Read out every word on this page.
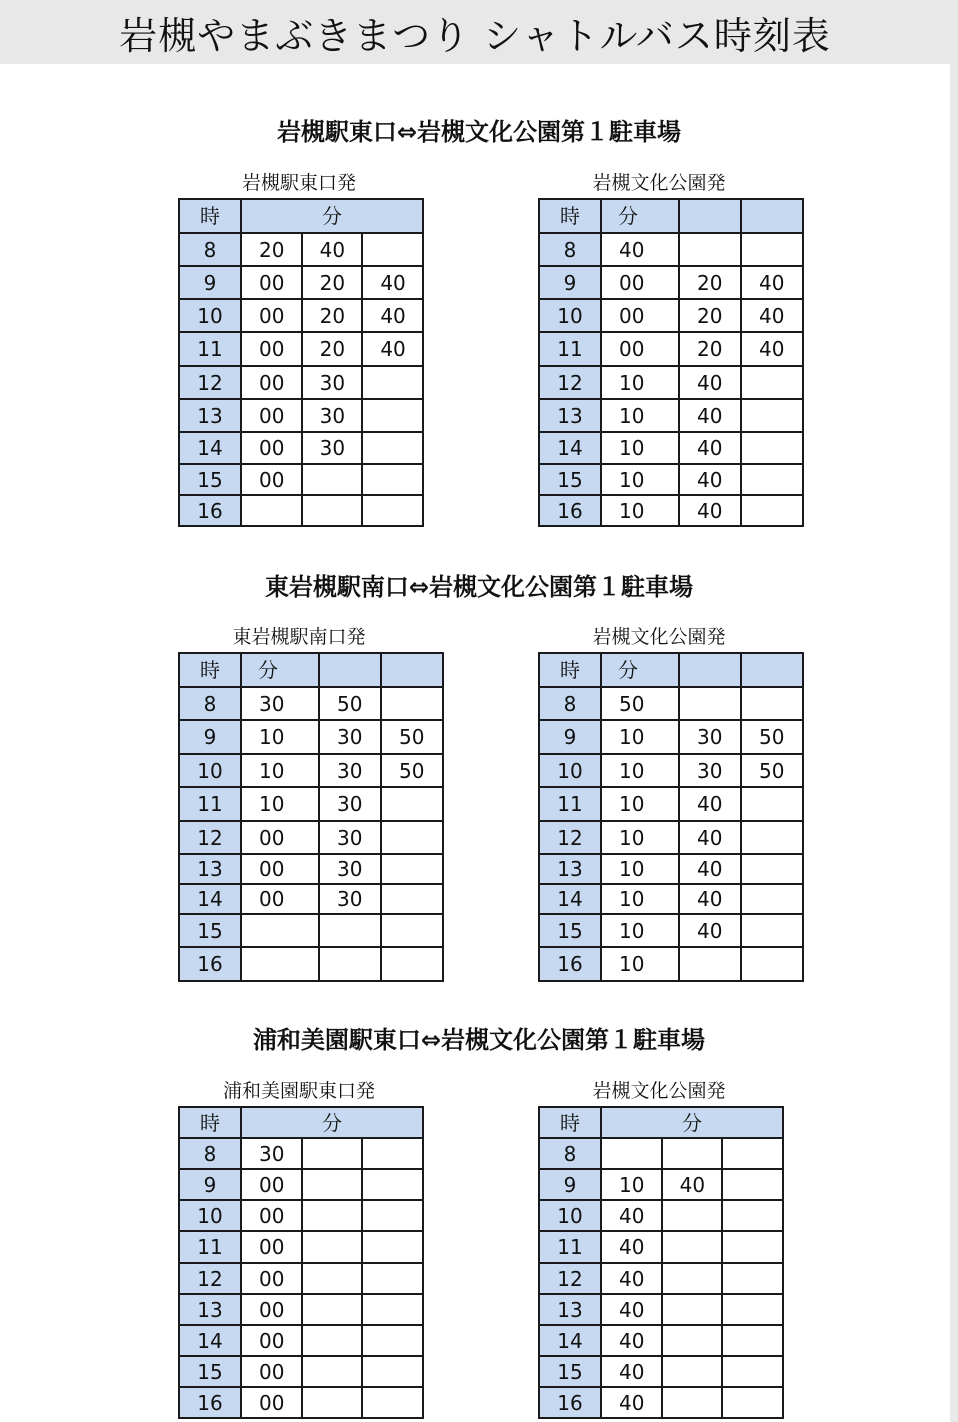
岩槻やまぶきまつり シャトルバス時刻表
岩槻駅東口⇔岩槻文化公園第１駐車場
岩槻駅東口発	岩槻文化公園発
時	分		
8	20	40	
9	00	20	40
10	00	20	40
11	00	20	40
12	00	30	
13	00	30	
14	00	30	
15	00		
16			
時	分		
8	40		
9	00	20	40
10	00	20	40
11	00	20	40
12	10	40	
13	10	40	
14	10	40	
15	10	40	
16	10	40	
東岩槻駅南口⇔岩槻文化公園第１駐車場
東岩槻駅南口発	岩槻文化公園発
時	分		
8	30	50	
9	10	30	50
10	10	30	50
11	10	30	
12	00	30	
13	00	30	
14	00	30	
15			
16			
時	分		
8	50		
9	10	30	50
10	10	30	50
11	10	40	
12	10	40	
13	10	40	
14	10	40	
15	10	40	
16	10		
浦和美園駅東口⇔岩槻文化公園第１駐車場
浦和美園駅東口発	岩槻文化公園発
時	分		
8	30		
9	00		
10	00		
11	00		
12	00		
13	00		
14	00		
15	00		
16	00		
時	分		
8			
9	10	40	
10	40		
11	40		
12	40		
13	40		
14	40		
15	40		
16	40		
